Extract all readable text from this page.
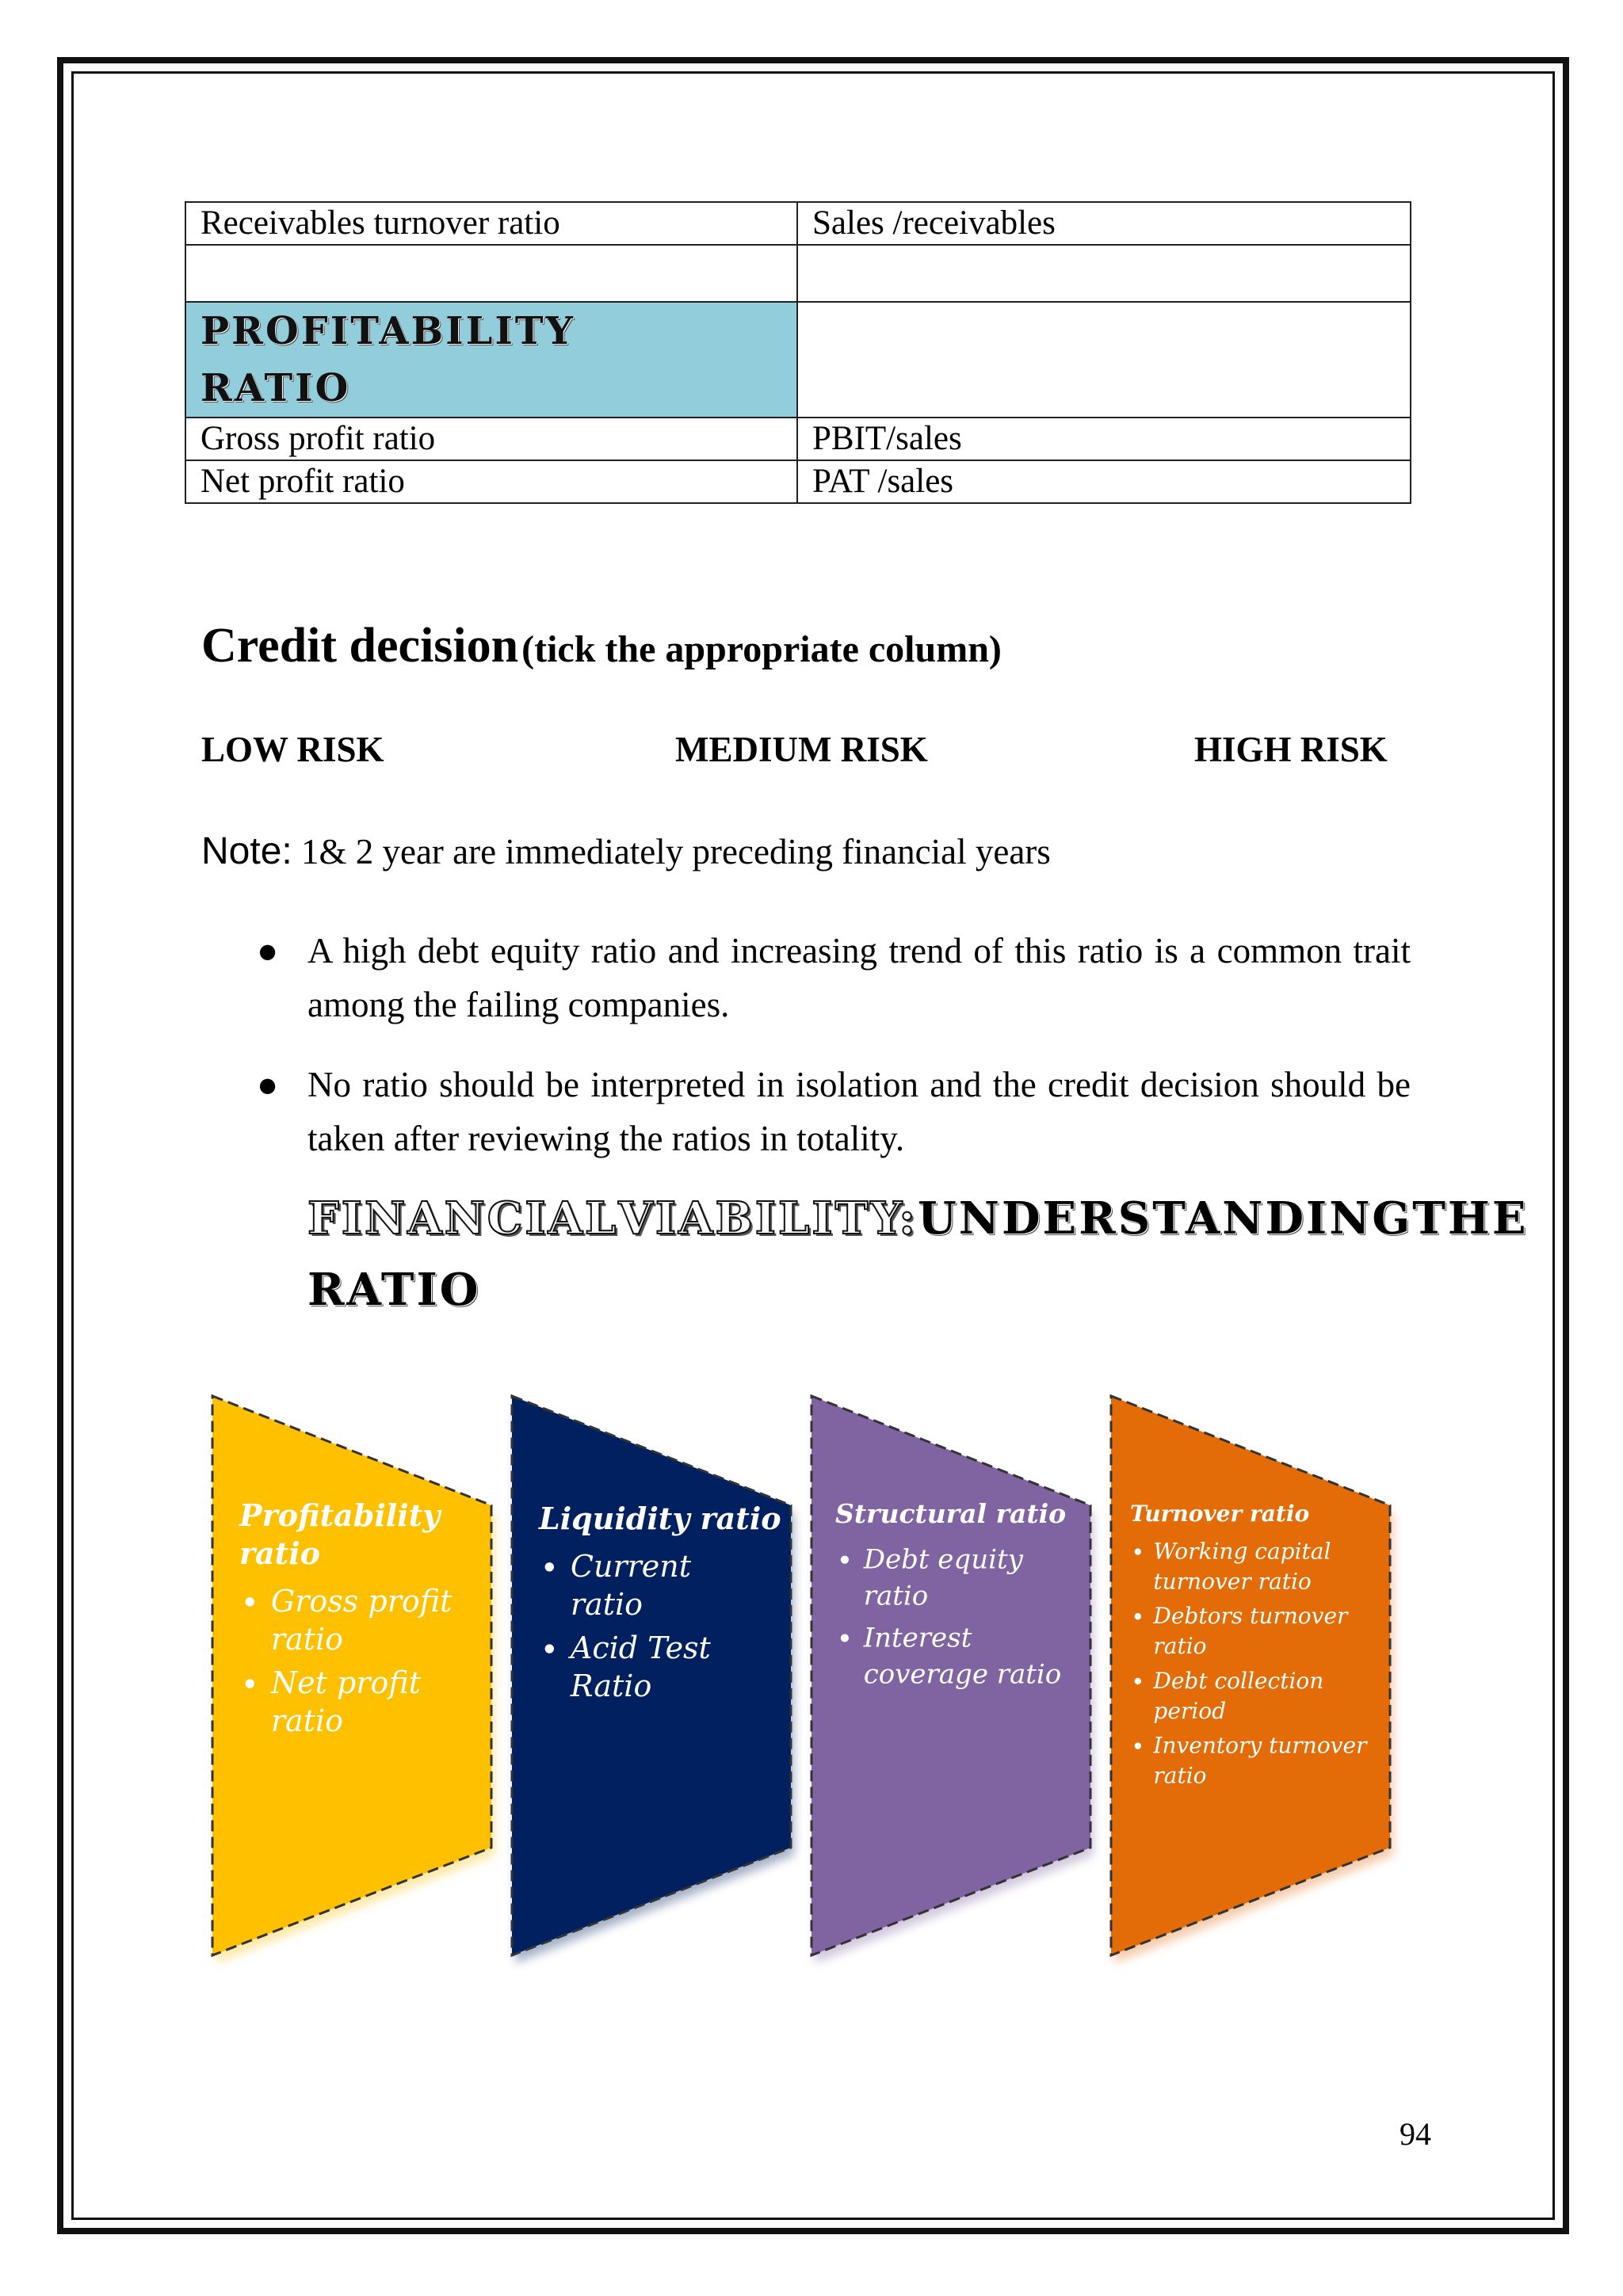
Receivables turnover ratio	Sales /receivables

PROFITABILITY
RATIO	

Gross profit ratio	PBIT/sales
Net profit ratio	PAT /sales
Credit decision (tick the appropriate column)
LOW RISK	MEDIUM RISK	HIGH RISK
Note: 1& 2 year are immediately preceding financial years
● A high debt equity ratio and increasing trend of this ratio is a common trait among the failing companies.
● No ratio should be interpreted in isolation and the credit decision should be taken after reviewing the ratios in totality.
FINANCIAL VIABILITY: UNDERSTANDING THE
RATIO
Profitability
ratio
Gross profit
ratio
Net profit
ratio
Liquidity ratio
Current
ratio
Acid Test
Ratio
Structural ratio
Debt equity
ratio
Interest
coverage ratio
Turnover ratio
Working capital
turnover ratio
Debtors turnover
ratio
Debt collection
period
Inventory turnover
ratio
94
